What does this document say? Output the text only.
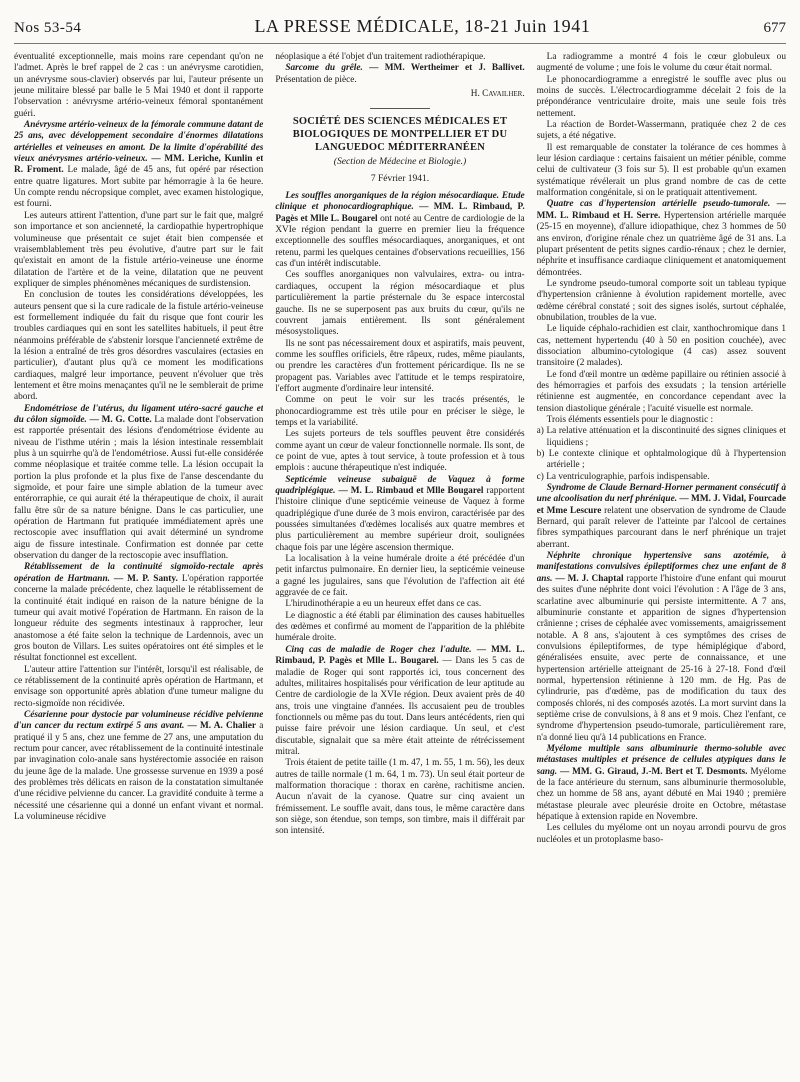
Nos 53-54	LA PRESSE MÉDICALE, 18-21 Juin 1941	677

éventualité exceptionnelle, mais moins rare cependant qu'on ne l'admet. Après le bref rappel de 2 cas : un anévrysme carotidien, un anévrysme sous-clavier) observés par lui, l'auteur présente un jeune militaire blessé par balle le 5 Mai 1940 et dont il rapporte l'observation : anévrysme artério-veineux fémoral spontanément guéri.

Anévrysme artério-veineux de la fémorale commune datant de 25 ans, avec développement secondaire d'énormes dilatations artérielles et veineuses en amont. De la limite d'opérabilité des vieux anévrysmes artério-veineux. — MM. Leriche, Kunlin et R. Froment. Le malade, âgé de 45 ans, fut opéré par résection entre quatre ligatures. Mort subite par hémorragie à la 6e heure. Un compte rendu nécropsique complet, avec examen histologique, est fourni.

Les auteurs attirent l'attention, d'une part sur le fait que, malgré son importance et son ancienneté, la cardiopathie hypertrophique volumineuse que présentait ce sujet était bien compensée et vraisemblablement très peu évolutive, d'autre part sur le fait qu'existait en amont de la fistule artério-veineuse une énorme dilatation de l'artère et de la veine, dilatation que ne peuvent expliquer de simples phénomènes mécaniques de surdistension.

En conclusion de toutes les considérations développées, les auteurs pensent que si la cure radicale de la fistule artério-veineuse est formellement indiquée du fait du risque que font courir les troubles cardiaques qui en sont les satellites habituels, il peut être néanmoins préférable de s'abstenir lorsque l'ancienneté extrême de la lésion a entraîné de très gros désordres vasculaires (ectasies en particulier), d'autant plus qu'à ce moment les modifications cardiaques, malgré leur importance, peuvent n'évoluer que très lentement et être moins menaçantes qu'il ne le semblerait de prime abord.

Endométriose de l'utérus, du ligament utéro-sacré gauche et du côlon sigmoïde. — M. G. Cotte. La malade dont l'observation est rapportée présentait des lésions d'endométriose évidente au niveau de l'isthme utérin ; mais la lésion intestinale ressemblait plus à un squirrhe qu'à de l'endométriose. Aussi fut-elle considérée comme néoplasique et traitée comme telle. La lésion occupait la portion la plus profonde et la plus fixe de l'anse descendante du sigmoïde, et pour faire une simple ablation de la tumeur avec entérorraphie, ce qui aurait été la thérapeutique de choix, il aurait fallu être sûr de sa nature bénigne. Dans le cas particulier, une opération de Hartmann fut pratiquée immédiatement après une rectoscopie avec insufflation qui avait déterminé un syndrome aigu de fissure intestinale. Confirmation est donnée par cette observation du danger de la rectoscopie avec insufflation.

Rétablissement de la continuité sigmoïdo-rectale après opération de Hartmann. — M. P. Santy. L'opération rapportée concerne la malade précédente, chez laquelle le rétablissement de la continuité était indiqué en raison de la nature bénigne de la tumeur qui avait motivé l'opération de Hartmann. En raison de la longueur réduite des segments intestinaux à rapprocher, leur anastomose a été faite selon la technique de Lardennois, avec un gros bouton de Villars. Les suites opératoires ont été simples et le résultat fonctionnel est excellent.

L'auteur attire l'attention sur l'intérêt, lorsqu'il est réalisable, de ce rétablissement de la continuité après opération de Hartmann, et envisage son opportunité après ablation d'une tumeur maligne du recto-sigmoïde non récidivée.

Césarienne pour dystocie par volumineuse récidive pelvienne d'un cancer du rectum extirpé 5 ans avant. — M. A. Chalier a pratiqué il y 5 ans, chez une femme de 27 ans, une amputation du rectum pour cancer, avec rétablissement de la continuité intestinale par invagination colo-anale sans hystérectomie associée en raison du jeune âge de la malade. Une grossesse survenue en 1939 a posé des problèmes très délicats en raison de la constatation simultanée d'une récidive pelvienne du cancer. La gravidité conduite à terme a nécessité une césarienne qui a donné un enfant vivant et normal. La volumineuse récidive

néoplasique a été l'objet d'un traitement radiothérapique.

Sarcome du grêle. — MM. Wertheimer et J. Ballivet. Présentation de pièce.

H. Cavailher.

SOCIÉTÉ DES SCIENCES MÉDICALES ET BIOLOGIQUES DE MONTPELLIER ET DU LANGUEDOC MÉDITERRANÉEN
(Section de Médecine et Biologie.)
7 Février 1941.

Les souffles anorganiques de la région mésocardiaque. Etude clinique et phonocardiographique. — MM. L. Rimbaud, P. Pagès et Mlle L. Bougarel ont noté au Centre de cardiologie de la XVIe région pendant la guerre en premier lieu la fréquence exceptionnelle des souffles mésocardiaques, anorganiques, et ont retenu, parmi les quelques centaines d'observations recueillies, 156 cas d'un intérêt indiscutable.

Ces souffles anorganiques non valvulaires, extra- ou intra-cardiaques, occupent la région mésocardiaque et plus particulièrement la partie présternale du 3e espace intercostal gauche. Ils ne se superposent pas aux bruits du cœur, qu'ils ne couvrent jamais entièrement. Ils sont généralement mésosystoliques.

Ils ne sont pas nécessairement doux et aspiratifs, mais peuvent, comme les souffles orificiels, être râpeux, rudes, même piaulants, ou prendre les caractères d'un frottement péricardique. Ils ne se propagent pas. Variables avec l'attitude et le temps respiratoire, l'effort augmente d'ordinaire leur intensité.

Comme on peut le voir sur les tracés présentés, le phonocardiogramme est très utile pour en préciser le siège, le temps et la variabilité.

Les sujets porteurs de tels souffles peuvent être considérés comme ayant un cœur de valeur fonctionnelle normale. Ils sont, de ce point de vue, aptes à tout service, à toute profession et à tous emplois : aucune thérapeutique n'est indiquée.

Septicémie veineuse subaiguë de Vaquez à forme quadriplégique. — M. L. Rimbaud et Mlle Bougarel rapportent l'histoire clinique d'une septicémie veineuse de Vaquez à forme quadriplégique d'une durée de 3 mois environ, caractérisée par des poussées simultanées d'œdèmes localisés aux quatre membres et plus particulièrement au membre supérieur droit, soulignées chaque fois par une légère ascension thermique.

La localisation à la veine humérale droite a été précédée d'un petit infarctus pulmonaire. En dernier lieu, la septicémie veineuse a gagné les jugulaires, sans que l'évolution de l'affection ait été aggravée de ce fait.

L'hirudinothérapie a eu un heureux effet dans ce cas.

Le diagnostic a été établi par élimination des causes habituelles des œdèmes et confirmé au moment de l'apparition de la phlébite humérale droite.

Cinq cas de maladie de Roger chez l'adulte. — MM. L. Rimbaud, P. Pagès et Mlle L. Bougarel. — Dans les 5 cas de maladie de Roger qui sont rapportés ici, tous concernent des adultes, militaires hospitalisés pour vérification de leur aptitude au Centre de cardiologie de la XVIe région. Deux avaient près de 40 ans, trois une vingtaine d'années. Ils accusaient peu de troubles fonctionnels ou même pas du tout. Dans leurs antécédents, rien qui puisse faire prévoir une lésion cardiaque. Un seul, et c'est discutable, signalait que sa mère était atteinte de rétrécissement mitral.

Trois étaient de petite taille (1 m. 47, 1 m. 55, 1 m. 56), les deux autres de taille normale (1 m. 64, 1 m. 73). Un seul était porteur de malformation thoracique : thorax en carène, rachitisme ancien. Aucun n'avait de la cyanose. Quatre sur cinq avaient un frémissement. Le souffle avait, dans tous, le même caractère dans son siège, son étendue, son temps, son timbre, mais il différait par son intensité.

La radiogramme a montré 4 fois le cœur globuleux ou augmenté de volume ; une fois le volume du cœur était normal.

Le phonocardiogramme a enregistré le souffle avec plus ou moins de succès. L'électrocardiogramme décelait 2 fois de la prépondérance ventriculaire droite, mais une seule fois très nettement.

La réaction de Bordet-Wassermann, pratiquée chez 2 de ces sujets, a été négative.

Il est remarquable de constater la tolérance de ces hommes à leur lésion cardiaque : certains faisaient un métier pénible, comme celui de cultivateur (3 fois sur 5). Il est probable qu'un examen systématique révélerait un plus grand nombre de cas de cette malformation congénitale, si on le pratiquait attentivement.

Quatre cas d'hypertension artérielle pseudo-tumorale. — MM. L. Rimbaud et H. Serre. Hypertension artérielle marquée (25-15 en moyenne), d'allure idiopathique, chez 3 hommes de 50 ans environ, d'origine rénale chez un quatrième âgé de 31 ans. La plupart présentent de petits signes cardio-rénaux ; chez le dernier, néphrite et insuffisance cardiaque cliniquement et anatomiquement démontrées.

Le syndrome pseudo-tumoral comporte soit un tableau typique d'hypertension crânienne à évolution rapidement mortelle, avec œdème cérébral constaté ; soit des signes isolés, surtout céphalée, obnubilation, troubles de la vue.

Le liquide céphalo-rachidien est clair, xanthochromique dans 1 cas, nettement hypertendu (40 à 50 en position couchée), avec dissociation albumino-cytologique (4 cas) assez souvent transitoire (2 malades).

Le fond d'œil montre un œdème papillaire ou rétinien associé à des hémorragies et parfois des exsudats ; la tension artérielle rétinienne est augmentée, en concordance cependant avec la tension diastolique générale ; l'acuité visuelle est normale.

Trois éléments essentiels pour le diagnostic :

a) La relative atténuation et la discontinuité des signes cliniques et liquidiens ;

b) Le contexte clinique et ophtalmologique dû à l'hypertension artérielle ;

c) La ventriculographie, parfois indispensable.

Syndrome de Claude Bernard-Horner permanent consécutif à une alcoolisation du nerf phrénique. — MM. J. Vidal, Fourcade et Mme Lescure relatent une observation de syndrome de Claude Bernard, qui paraît relever de l'atteinte par l'alcool de certaines fibres sympathiques parcourant dans le nerf phrénique un trajet aberrant.

Néphrite chronique hypertensive sans azotémie, à manifestations convulsives épileptiformes chez une enfant de 8 ans. — M. J. Chaptal rapporte l'histoire d'une enfant qui mourut des suites d'une néphrite dont voici l'évolution : A l'âge de 3 ans, scarlatine avec albuminurie qui persiste intermittente. A 7 ans, albuminurie constante et apparition de signes d'hypertension crânienne ; crises de céphalée avec vomissements, amaigrissement notable. A 8 ans, s'ajoutent à ces symptômes des crises de convulsions épileptiformes, de type hémiplégique d'abord, généralisées ensuite, avec perte de connaissance, et une hypertension artérielle atteignant de 25-16 à 27-18. Fond d'œil normal, hypertension rétinienne à 120 mm. de Hg. Pas de cylindrurie, pas d'œdème, pas de modification du taux des composés chlorés, ni des composés azotés. La mort survint dans la septième crise de convulsions, à 8 ans et 9 mois. Chez l'enfant, ce syndrome d'hypertension pseudo-tumorale, particulièrement rare, n'a donné lieu qu'à 14 publications en France.

Myélome multiple sans albuminurie thermo-soluble avec métastases multiples et présence de cellules atypiques dans le sang. — MM. G. Giraud, J.-M. Bert et T. Desmonts. Myélome de la face antérieure du sternum, sans albuminurie thermosoluble, chez un homme de 58 ans, ayant débuté en Mai 1940 ; première métastase pleurale avec pleurésie droite en Octobre, métastase hépatique à extension rapide en Novembre.

Les cellules du myélome ont un noyau arrondi pourvu de gros nucléoles et un protoplasme baso-
